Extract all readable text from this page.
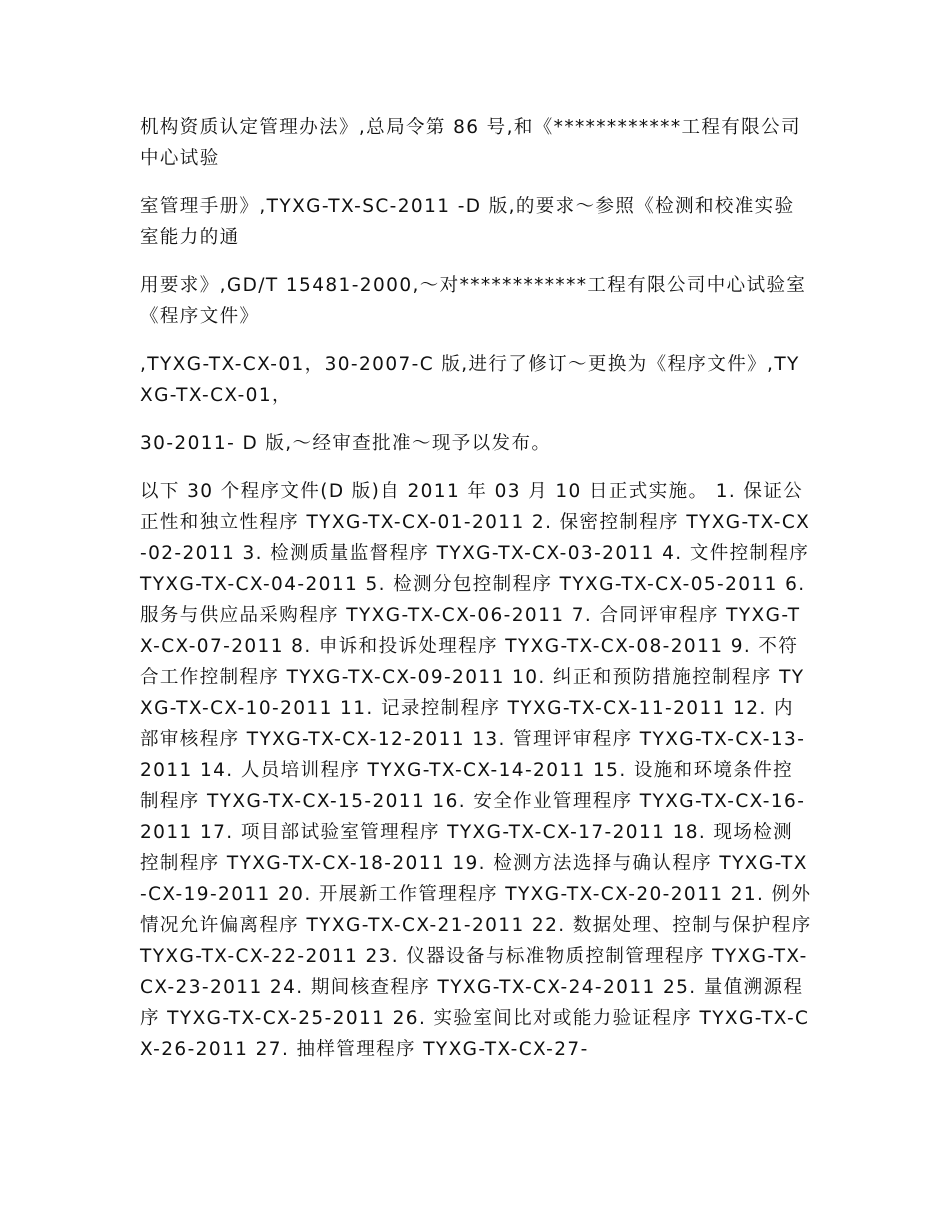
机构资质认定管理办法》,总局令第 86 号,和《************工程有限公司中心试验

室管理手册》,TYXG-TX-SC-2011 -D 版,的要求～参照《检测和校准实验室能力的通

用要求》,GD/T 15481-2000,～对************工程有限公司中心试验室《程序文件》

,TYXG-TX-CX-01，30-2007-C 版,进行了修订～更换为《程序文件》,TYXG-TX-CX-01，

30-2011- D 版,～经审查批准～现予以发布。

以下 30 个程序文件(D 版)自 2011 年 03 月 10 日正式实施。 1. 保证公正性和独立性程序 TYXG-TX-CX-01-2011 2. 保密控制程序 TYXG-TX-CX-02-2011 3. 检测质量监督程序 TYXG-TX-CX-03-2011 4. 文件控制程序 TYXG-TX-CX-04-2011 5. 检测分包控制程序 TYXG-TX-CX-05-2011 6. 服务与供应品采购程序 TYXG-TX-CX-06-2011 7. 合同评审程序 TYXG-TX-CX-07-2011 8. 申诉和投诉处理程序 TYXG-TX-CX-08-2011 9. 不符合工作控制程序 TYXG-TX-CX-09-2011 10. 纠正和预防措施控制程序 TYXG-TX-CX-10-2011 11. 记录控制程序 TYXG-TX-CX-11-2011 12. 内部审核程序 TYXG-TX-CX-12-2011 13. 管理评审程序 TYXG-TX-CX-13-2011 14. 人员培训程序 TYXG-TX-CX-14-2011 15. 设施和环境条件控制程序 TYXG-TX-CX-15-2011 16. 安全作业管理程序 TYXG-TX-CX-16-2011 17. 项目部试验室管理程序 TYXG-TX-CX-17-2011 18. 现场检测控制程序 TYXG-TX-CX-18-2011 19. 检测方法选择与确认程序 TYXG-TX-CX-19-2011 20. 开展新工作管理程序 TYXG-TX-CX-20-2011 21. 例外情况允许偏离程序 TYXG-TX-CX-21-2011 22. 数据处理、控制与保护程序 TYXG-TX-CX-22-2011 23. 仪器设备与标准物质控制管理程序 TYXG-TX-CX-23-2011 24. 期间核查程序 TYXG-TX-CX-24-2011 25. 量值溯源程序 TYXG-TX-CX-25-2011 26. 实验室间比对或能力验证程序 TYXG-TX-CX-26-2011 27. 抽样管理程序 TYXG-TX-CX-27-
